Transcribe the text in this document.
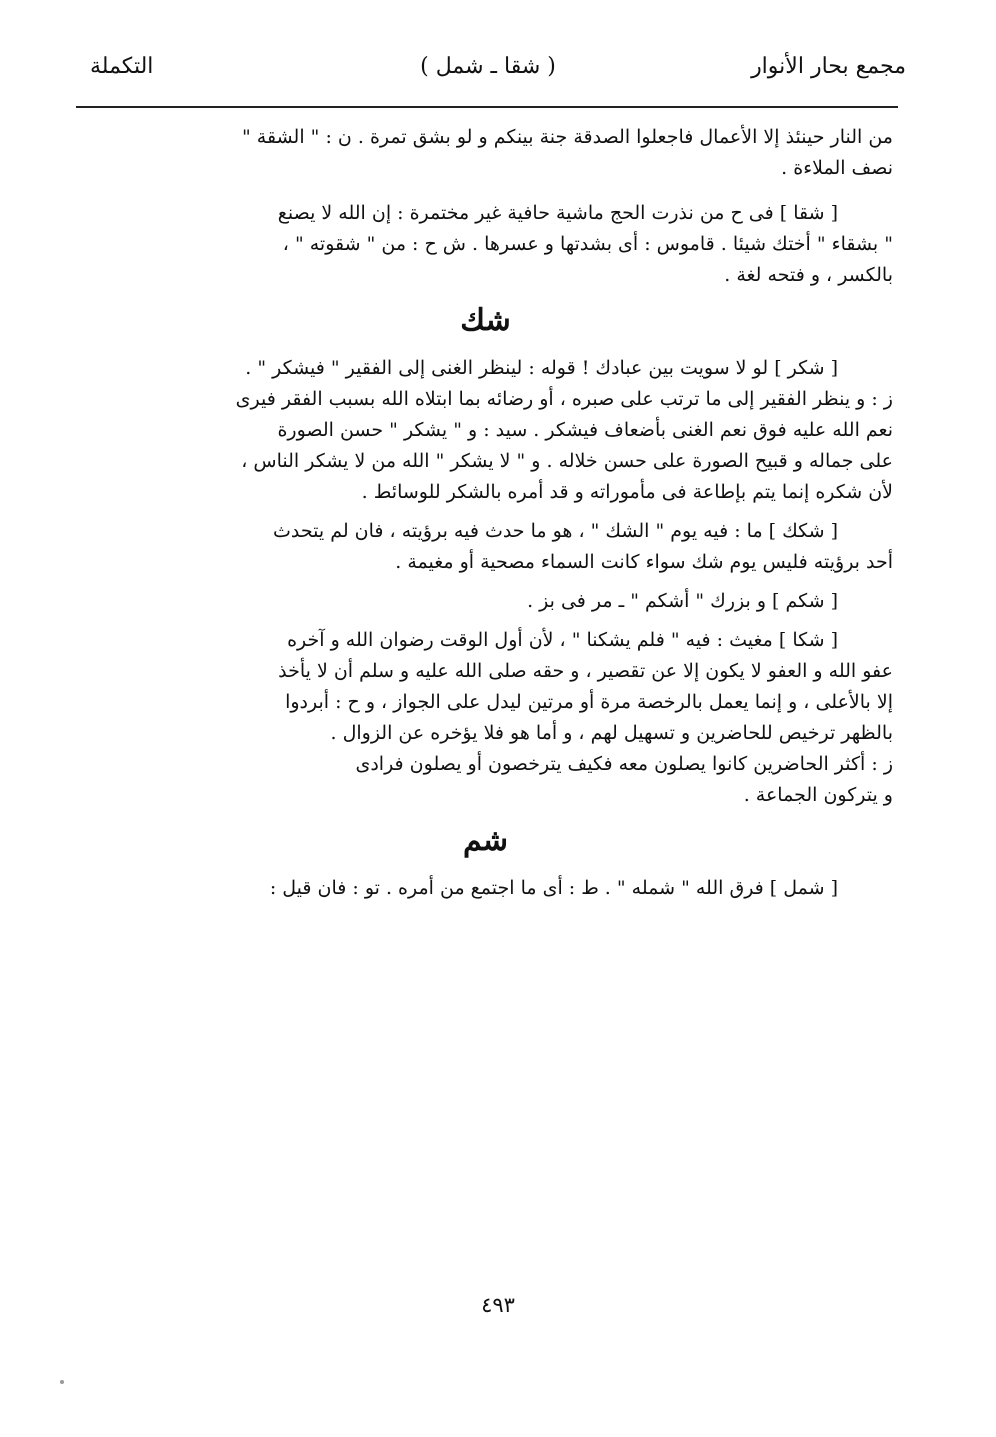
مجمع بحار الأنوار
( شقا ـ شمل )
التكملة
من النار حينئذ إلا الأعمال فاجعلوا الصدقة جنة بينكم و لو بشق تمرة . ن : " الشقة "
نصف الملاءة .
[ شقا ] فى ح من نذرت الحج ماشية حافية غير مختمرة : إن الله لا يصنع
" بشقاء " أختك شيئا . قاموس : أى بشدتها و عسرها . ش ح : من " شقوته " ،
بالكسر ، و فتحه لغة .
شك
[ شكر ] لو لا سويت بين عبادك ! قوله : لينظر الغنى إلى الفقير " فيشكر " .
ز : و ينظر الفقير إلى ما ترتب على صبره ، أو رضائه بما ابتلاه الله بسبب الفقر فيرى
نعم الله عليه فوق نعم الغنى بأضعاف فيشكر . سيد : و " يشكر " حسن الصورة
على جماله و قبيح الصورة على حسن خلاله . و " لا يشكر " الله من لا يشكر الناس ،
لأن شكره إنما يتم بإطاعة فى مأموراته و قد أمره بالشكر للوسائط .
[ شكك ] ما : فيه يوم " الشك " ، هو ما حدث فيه برؤيته ، فان لم يتحدث
أحد برؤيته فليس يوم شك سواء كانت السماء مصحية أو مغيمة .
[ شكم ] و بزرك " أشكم " ـ مر فى بز .
[ شكا ] مغيث : فيه " فلم يشكنا " ، لأن أول الوقت رضوان الله و آخره
عفو الله و العفو لا يكون إلا عن تقصير ، و حقه صلى الله عليه و سلم أن لا يأخذ
إلا بالأعلى ، و إنما يعمل بالرخصة مرة أو مرتين ليدل على الجواز ، و ح : أبردوا
بالظهر ترخيص للحاضرين و تسهيل لهم ، و أما هو فلا يؤخره عن الزوال .
ز : أكثر الحاضرين كانوا يصلون معه فكيف يترخصون أو يصلون فرادى
و يتركون الجماعة .
شم
[ شمل ] فرق الله " شمله " . ط : أى ما اجتمع من أمره . تو : فان قيل :
٤٩٣
